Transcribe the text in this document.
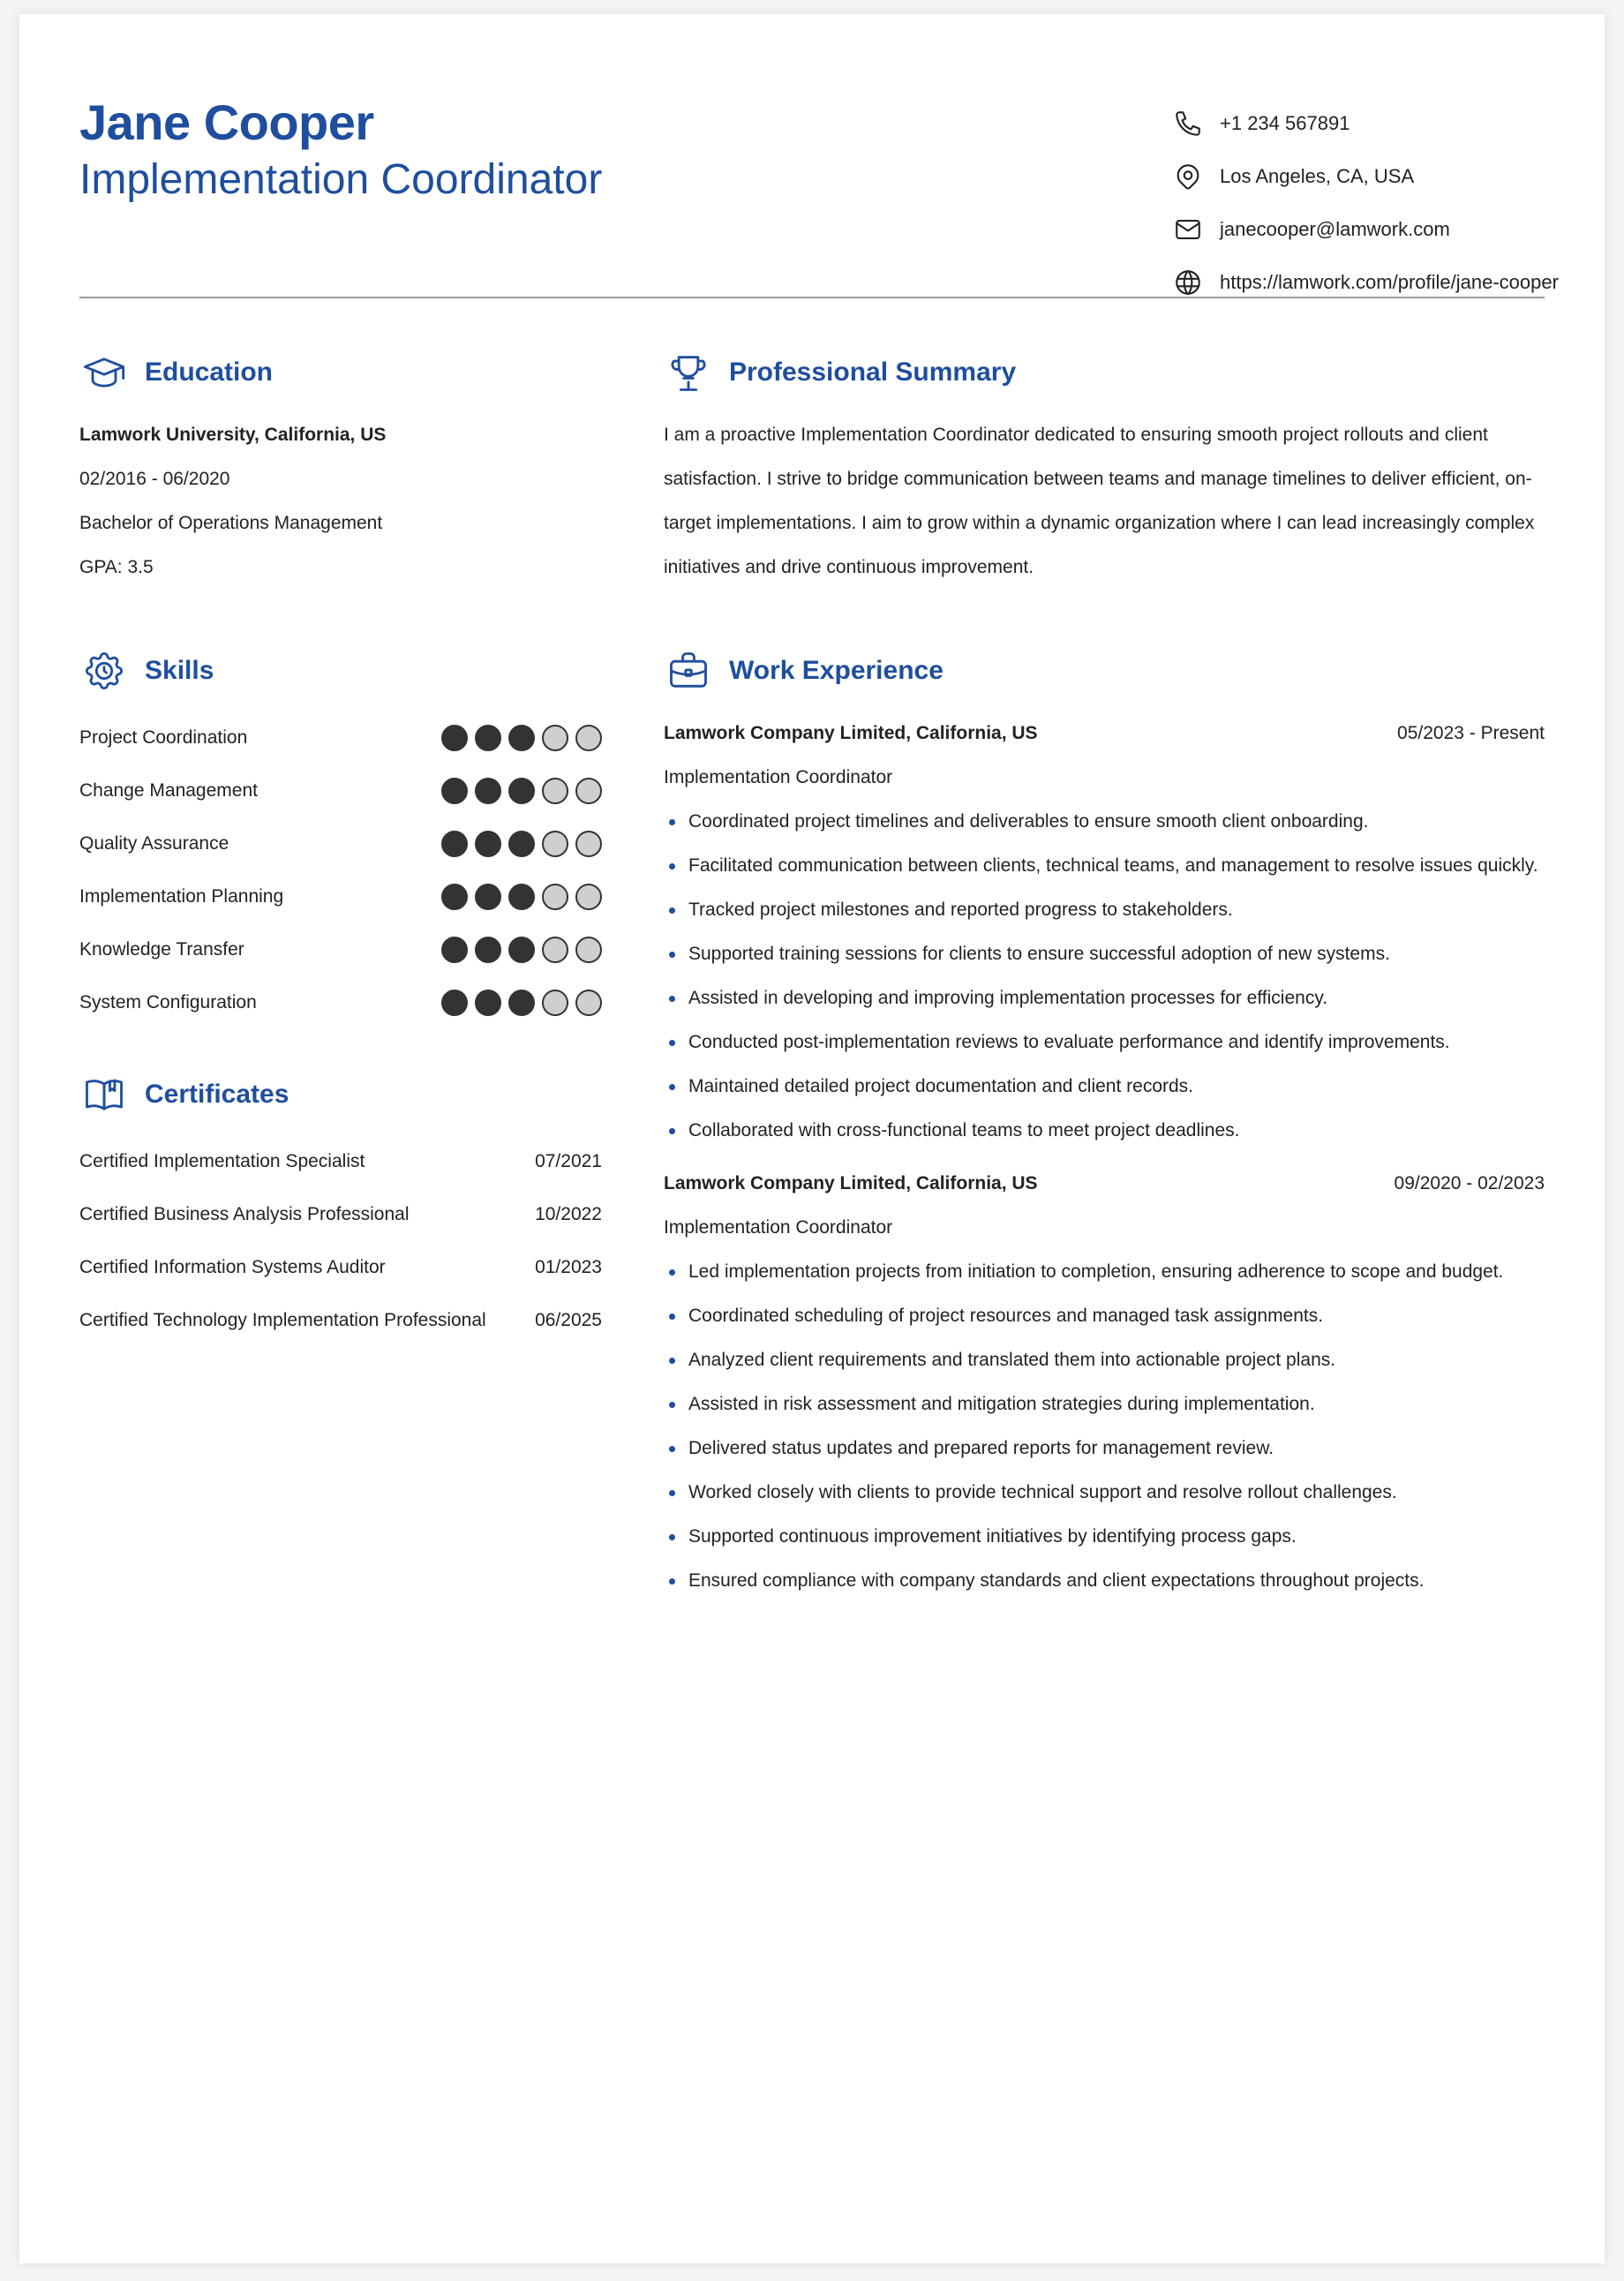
Jane Cooper
Implementation Coordinator
+1 234 567891
Los Angeles, CA, USA
janecooper@lamwork.com
https://lamwork.com/profile/jane-cooper
Education
Lamwork University, California, US
02/2016 - 06/2020
Bachelor of Operations Management
GPA: 3.5
Skills
Project Coordination
Change Management
Quality Assurance
Implementation Planning
Knowledge Transfer
System Configuration
Certificates
Certified Implementation Specialist	07/2021
Certified Business Analysis Professional	10/2022
Certified Information Systems Auditor	01/2023
Certified Technology Implementation Professional	06/2025
Professional Summary

I am a proactive Implementation Coordinator dedicated to ensuring smooth project rollouts and client satisfaction. I strive to bridge communication between teams and manage timelines to deliver efficient, on-target implementations. I aim to grow within a dynamic organization where I can lead increasingly complex initiatives and drive continuous improvement.

Work Experience
Lamwork Company Limited, California, US	05/2023 - Present
Implementation Coordinator
Coordinated project timelines and deliverables to ensure smooth client onboarding.
Facilitated communication between clients, technical teams, and management to resolve issues quickly.
Tracked project milestones and reported progress to stakeholders.
Supported training sessions for clients to ensure successful adoption of new systems.
Assisted in developing and improving implementation processes for efficiency.
Conducted post-implementation reviews to evaluate performance and identify improvements.
Maintained detailed project documentation and client records.
Collaborated with cross-functional teams to meet project deadlines.
Lamwork Company Limited, California, US	09/2020 - 02/2023
Implementation Coordinator
Led implementation projects from initiation to completion, ensuring adherence to scope and budget.
Coordinated scheduling of project resources and managed task assignments.
Analyzed client requirements and translated them into actionable project plans.
Assisted in risk assessment and mitigation strategies during implementation.
Delivered status updates and prepared reports for management review.
Worked closely with clients to provide technical support and resolve rollout challenges.
Supported continuous improvement initiatives by identifying process gaps.
Ensured compliance with company standards and client expectations throughout projects.
